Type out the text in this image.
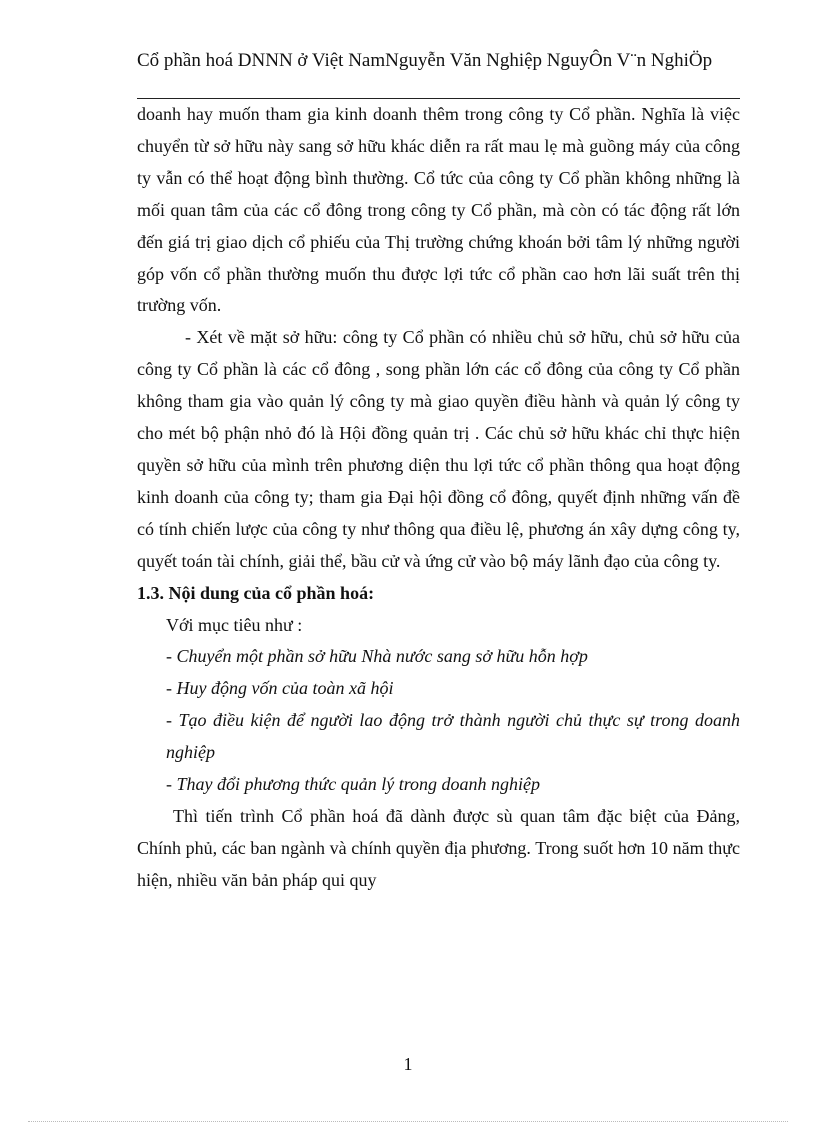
Cổ phần hoá DNNN ở Việt NamNguyễn Văn Nghiệp NguyÔn V¨n NghiÖp

doanh hay muốn tham gia kinh doanh thêm trong công ty Cổ phần. Nghĩa là việc chuyển từ sở hữu này sang sở hữu khác diễn ra rất mau lẹ mà guồng máy của công ty vẫn có thể hoạt động bình thường. Cổ tức của công ty Cổ phần không những là mối quan tâm của các cổ đông trong công ty Cổ phần, mà còn có tác động rất lớn đến giá trị giao dịch cổ phiếu của Thị trường chứng khoán bởi tâm lý những người góp vốn cổ phần thường muốn thu được lợi tức cổ phần cao hơn lãi suất trên thị trường vốn.

- Xét về mặt sở hữu: công ty Cổ phần có nhiều chủ sở hữu, chủ sở hữu của công ty Cổ phần là các cổ đông , song phần lớn các cổ đông của công ty Cổ phần không tham gia vào quản lý công ty mà giao quyền điều hành và quản lý công ty cho mét bộ phận nhỏ đó là Hội đồng quản trị . Các chủ sở hữu khác chỉ thực hiện quyền sở hữu của mình trên phương diện thu lợi tức cổ phần thông qua hoạt động kinh doanh của công ty; tham gia Đại hội đồng cổ đông, quyết định những vấn đề có tính chiến lược của công ty như thông qua điều lệ, phương án xây dựng công ty, quyết toán tài chính, giải thể, bầu cử và ứng cử vào bộ máy lãnh đạo của công ty.

1.3. Nội dung của cổ phần hoá:

Với mục tiêu như :

- Chuyển một phần sở hữu Nhà nước sang sở hữu hỗn hợp

- Huy động vốn của toàn xã hội

- Tạo điều kiện để người lao động trở thành người chủ thực sự trong doanh nghiệp

- Thay đổi phương thức quản lý trong doanh nghiệp

Thì tiến trình Cổ phần hoá đã dành được sù quan tâm đặc biệt của Đảng, Chính phủ, các ban ngành và chính quyền địa phương. Trong suốt hơn 10 năm thực hiện, nhiều văn bản pháp qui quy

1
